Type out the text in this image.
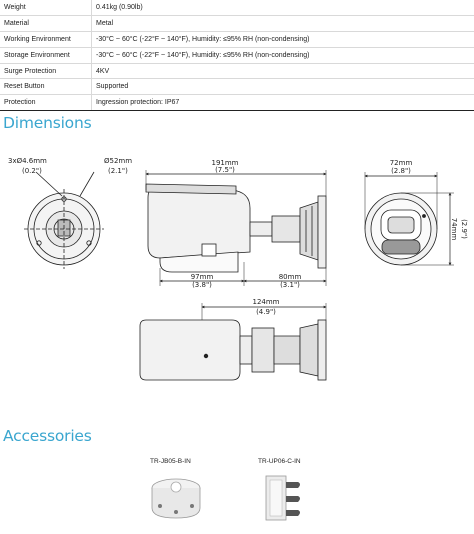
Weight	0.41kg (0.90lb)
Material	Metal
Working Environment	-30°C ~ 60°C (-22°F ~ 140°F), Humidity: ≤95% RH (non-condensing)
Storage Environment	-30°C ~ 60°C (-22°F ~ 140°F), Humidity: ≤95% RH (non-condensing)
Surge Protection	4KV
Reset Button	Supported
Protection	Ingression protection: IP67
Dimensions
3xØ4.6mm
(0.2")
Ø52mm
(2.1")
191mm
(7.5")
97mm
(3.8")
80mm
(3.1")
72mm
(2.8")
74mm (2.9")
124mm
(4.9")
Accessories
TR-JB05-B-IN	TR-UP06-C-IN
